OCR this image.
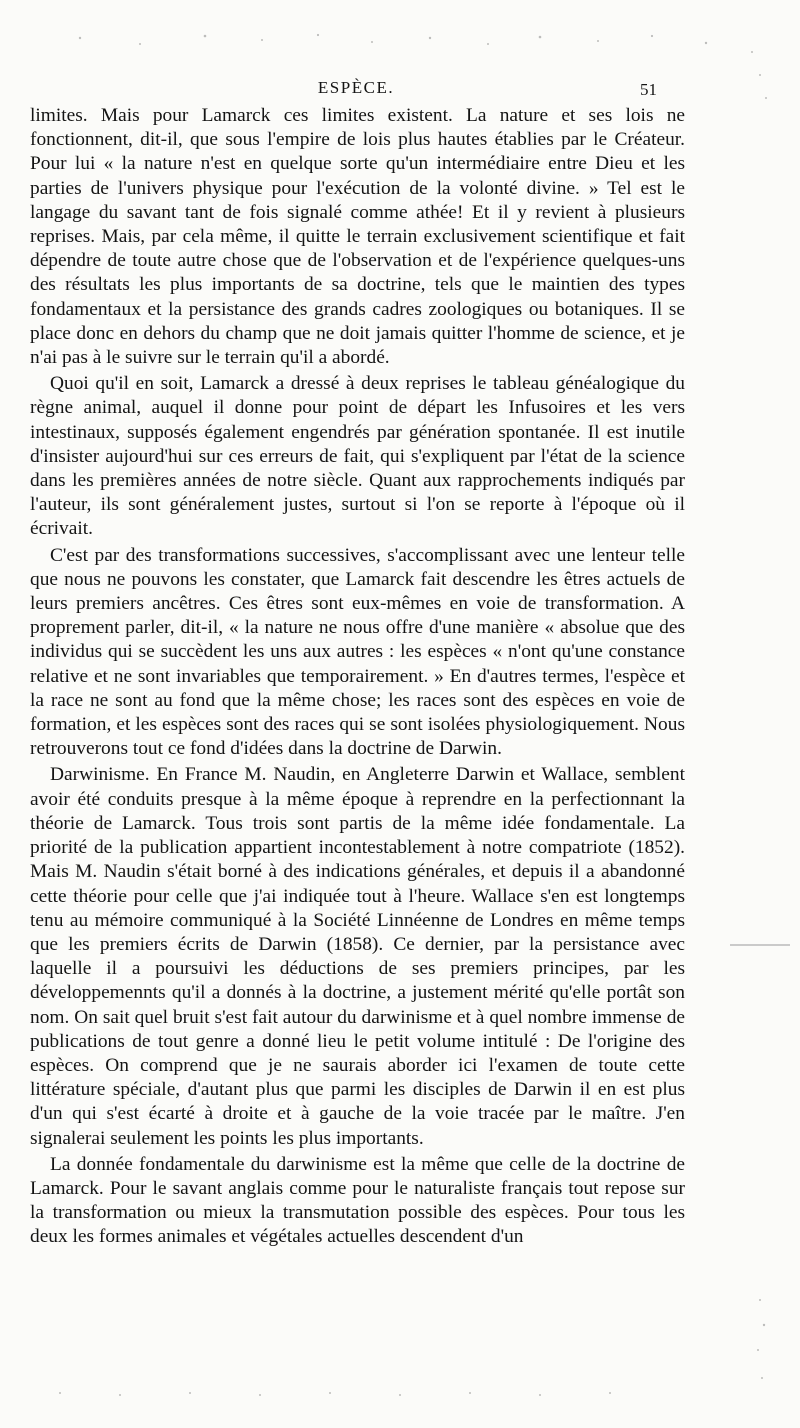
ESPÈCE.	51

limites. Mais pour Lamarck ces limites existent. La nature et ses lois ne fonctionnent, dit-il, que sous l'empire de lois plus hautes établies par le Créateur. Pour lui « la nature n'est en quelque sorte qu'un intermédiaire entre Dieu et les parties de l'univers physique pour l'exécution de la volonté divine. » Tel est le langage du savant tant de fois signalé comme athée! Et il y revient à plusieurs reprises. Mais, par cela même, il quitte le terrain exclusivement scientifique et fait dépendre de toute autre chose que de l'observation et de l'expérience quelques-uns des résultats les plus importants de sa doctrine, tels que le maintien des types fondamentaux et la persistance des grands cadres zoologiques ou botaniques. Il se place donc en dehors du champ que ne doit jamais quitter l'homme de science, et je n'ai pas à le suivre sur le terrain qu'il a abordé.

Quoi qu'il en soit, Lamarck a dressé à deux reprises le tableau généalogique du règne animal, auquel il donne pour point de départ les Infusoires et les vers intestinaux, supposés également engendrés par génération spontanée. Il est inutile d'insister aujourd'hui sur ces erreurs de fait, qui s'expliquent par l'état de la science dans les premières années de notre siècle. Quant aux rapprochements indiqués par l'auteur, ils sont généralement justes, surtout si l'on se reporte à l'époque où il écrivait.

C'est par des transformations successives, s'accomplissant avec une lenteur telle que nous ne pouvons les constater, que Lamarck fait descendre les êtres actuels de leurs premiers ancêtres. Ces êtres sont eux-mêmes en voie de transformation. A proprement parler, dit-il, « la nature ne nous offre d'une manière « absolue que des individus qui se succèdent les uns aux autres : les espèces « n'ont qu'une constance relative et ne sont invariables que temporairement. » En d'autres termes, l'espèce et la race ne sont au fond que la même chose; les races sont des espèces en voie de formation, et les espèces sont des races qui se sont isolées physiologiquement. Nous retrouverons tout ce fond d'idées dans la doctrine de Darwin.

Darwinisme. En France M. Naudin, en Angleterre Darwin et Wallace, semblent avoir été conduits presque à la même époque à reprendre en la perfectionnant la théorie de Lamarck. Tous trois sont partis de la même idée fondamentale. La priorité de la publication appartient incontestablement à notre compatriote (1852). Mais M. Naudin s'était borné à des indications générales, et depuis il a abandonné cette théorie pour celle que j'ai indiquée tout à l'heure. Wallace s'en est longtemps tenu au mémoire communiqué à la Société Linnéenne de Londres en même temps que les premiers écrits de Darwin (1858). Ce dernier, par la persistance avec laquelle il a poursuivi les déductions de ses premiers principes, par les développemennts qu'il a donnés à la doctrine, a justement mérité qu'elle portât son nom. On sait quel bruit s'est fait autour du darwinisme et à quel nombre immense de publications de tout genre a donné lieu le petit volume intitulé : De l'origine des espèces. On comprend que je ne saurais aborder ici l'examen de toute cette littérature spéciale, d'autant plus que parmi les disciples de Darwin il en est plus d'un qui s'est écarté à droite et à gauche de la voie tracée par le maître. J'en signalerai seulement les points les plus importants.

La donnée fondamentale du darwinisme est la même que celle de la doctrine de Lamarck. Pour le savant anglais comme pour le naturaliste français tout repose sur la transformation ou mieux la transmutation possible des espèces. Pour tous les deux les formes animales et végétales actuelles descendent d'un
